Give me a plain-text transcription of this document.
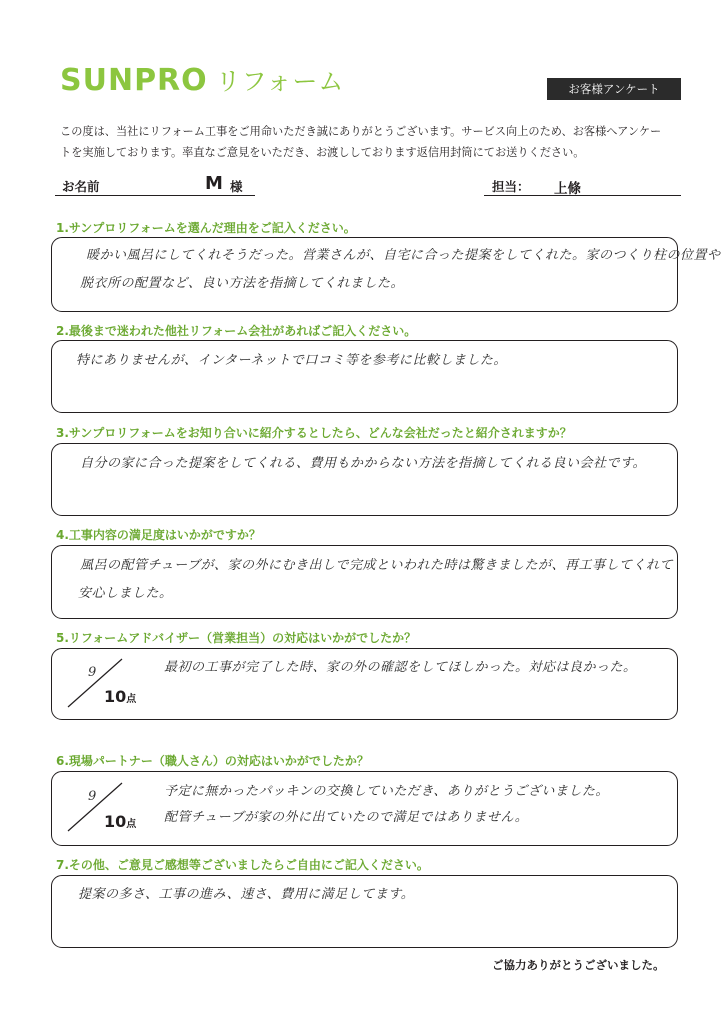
SUNPRO リフォーム	お客様アンケート

この度は、当社にリフォーム工事をご用命いただき誠にありがとうございます。サービス向上のため、お客様へアンケー

トを実施しております。率直なご意見をいただき、お渡ししております返信用封筒にてお送りください。

お名前	M 様	担当： 上條
1.サンプロリフォームを選んだ理由をご記入ください。
暖かい風呂にしてくれそうだった。営業さんが、自宅に合った提案をしてくれた。家のつくり柱の位置や
脱衣所の配置など、良い方法を指摘してくれました。
2.最後まで迷われた他社リフォーム会社があればご記入ください。
特にありませんが、インターネットで口コミ等を参考に比較しました。
3.サンプロリフォームをお知り合いに紹介するとしたら、どんな会社だったと紹介されますか？
自分の家に合った提案をしてくれる、費用もかからない方法を指摘してくれる良い会社です。
4.工事内容の満足度はいかがですか？
風呂の配管チューブが、家の外にむき出しで完成といわれた時は驚きましたが、再工事してくれて
安心しました。
5.リフォームアドバイザー（営業担当）の対応はいかがでしたか？
9
10点
最初の工事が完了した時、家の外の確認をしてほしかった。対応は良かった。
6.現場パートナー（職人さん）の対応はいかがでしたか？
9
10点
予定に無かったパッキンの交換していただき、ありがとうございました。
配管チューブが家の外に出ていたので満足ではありません。
7.その他、ご意見ご感想等ございましたらご自由にご記入ください。
提案の多さ、工事の進み、速さ、費用に満足してます。
ご協力ありがとうございました。
